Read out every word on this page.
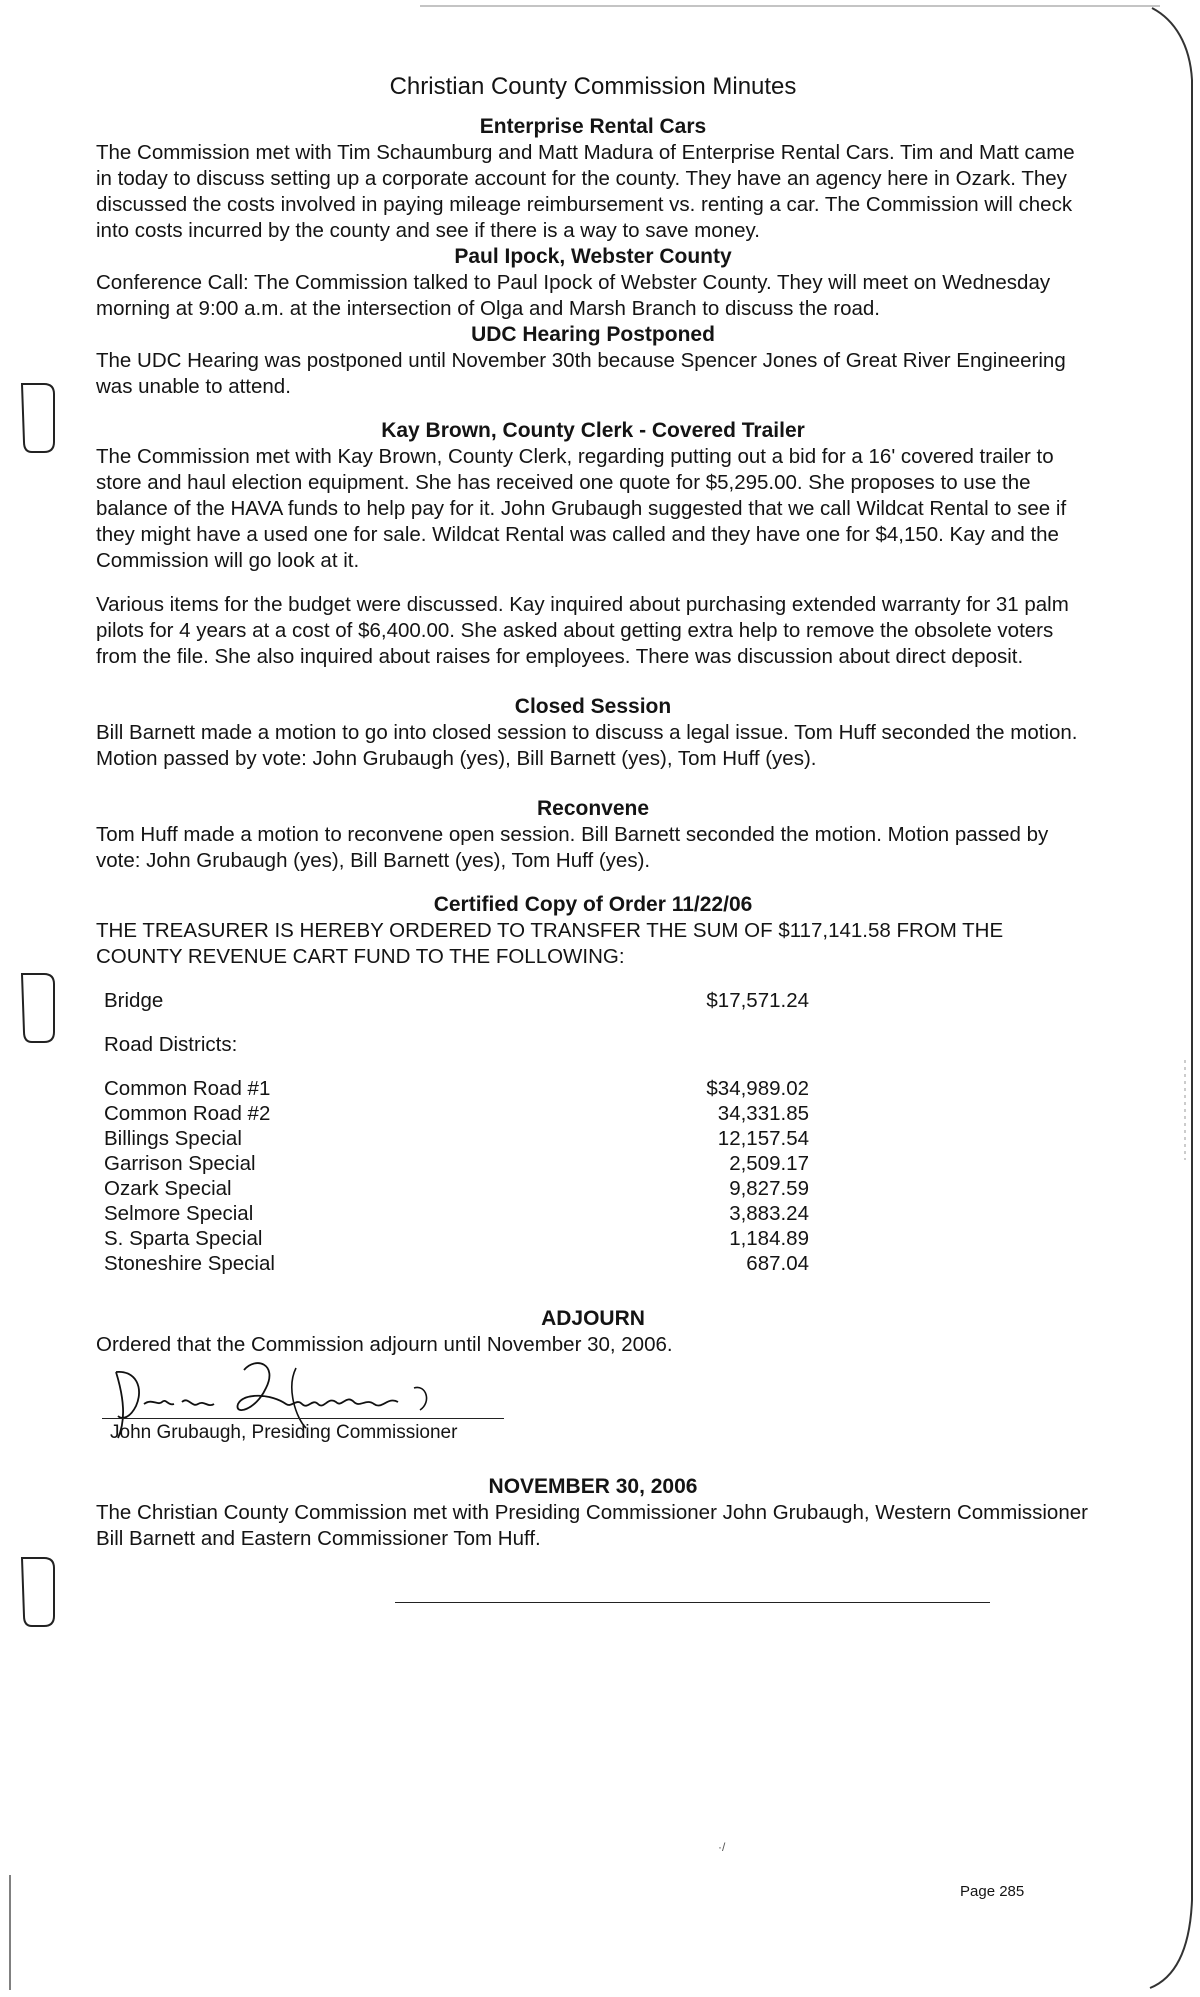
Christian County Commission Minutes
Enterprise Rental Cars

The Commission met with Tim Schaumburg and Matt Madura of Enterprise Rental Cars. Tim and Matt came in today to discuss setting up a corporate account for the county. They have an agency here in Ozark. They discussed the costs involved in paying mileage reimbursement vs. renting a car. The Commission will check into costs incurred by the county and see if there is a way to save money.

Paul Ipock, Webster County

Conference Call: The Commission talked to Paul Ipock of Webster County. They will meet on Wednesday morning at 9:00 a.m. at the intersection of Olga and Marsh Branch to discuss the road.

UDC Hearing Postponed

The UDC Hearing was postponed until November 30th because Spencer Jones of Great River Engineering was unable to attend.

Kay Brown, County Clerk - Covered Trailer

The Commission met with Kay Brown, County Clerk, regarding putting out a bid for a 16' covered trailer to store and haul election equipment. She has received one quote for $5,295.00. She proposes to use the balance of the HAVA funds to help pay for it. John Grubaugh suggested that we call Wildcat Rental to see if they might have a used one for sale. Wildcat Rental was called and they have one for $4,150. Kay and the Commission will go look at it.

Various items for the budget were discussed. Kay inquired about purchasing extended warranty for 31 palm pilots for 4 years at a cost of $6,400.00. She asked about getting extra help to remove the obsolete voters from the file. She also inquired about raises for employees. There was discussion about direct deposit.

Closed Session

Bill Barnett made a motion to go into closed session to discuss a legal issue. Tom Huff seconded the motion. Motion passed by vote: John Grubaugh (yes), Bill Barnett (yes), Tom Huff (yes).

Reconvene

Tom Huff made a motion to reconvene open session. Bill Barnett seconded the motion. Motion passed by vote: John Grubaugh (yes), Bill Barnett (yes), Tom Huff (yes).

Certified Copy of Order 11/22/06

THE TREASURER IS HEREBY ORDERED TO TRANSFER THE SUM OF $117,141.58 FROM THE COUNTY REVENUE CART FUND TO THE FOLLOWING:

Bridge	$17,571.24
Road Districts:
Common Road #1	$34,989.02
Common Road #2	34,331.85
Billings Special	12,157.54
Garrison Special	2,509.17
Ozark Special	9,827.59
Selmore Special	3,883.24
S. Sparta Special	1,184.89
Stoneshire Special	687.04
ADJOURN

Ordered that the Commission adjourn until November 30, 2006.

John Grubaugh, Presiding Commissioner
NOVEMBER 30, 2006

The Christian County Commission met with Presiding Commissioner John Grubaugh, Western Commissioner Bill Barnett and Eastern Commissioner Tom Huff.

·/
Page 285
